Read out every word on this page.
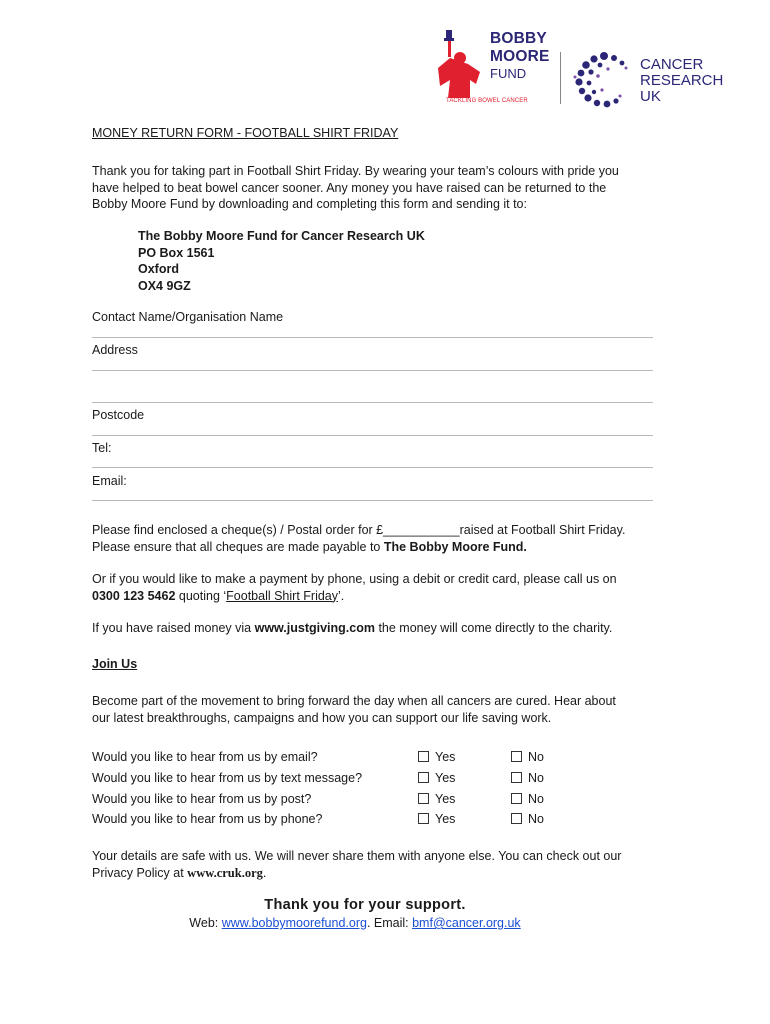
BOBBY
MOORE
FUND
TACKLING BOWEL CANCER
CANCER
RESEARCH
UK
MONEY RETURN FORM - FOOTBALL SHIRT FRIDAY
Thank you for taking part in Football Shirt Friday. By wearing your team’s colours with pride you
have helped to beat bowel cancer sooner. Any money you have raised can be returned to the
Bobby Moore Fund by downloading and completing this form and sending it to:
The Bobby Moore Fund for Cancer Research UK
PO Box 1561
Oxford
OX4 9GZ
Contact Name/Organisation Name
Address
Postcode
Tel:
Email:
Please find enclosed a cheque(s) / Postal order for £___________raised at Football Shirt Friday.
Please ensure that all cheques are made payable to The Bobby Moore Fund.
Or if you would like to make a payment by phone, using a debit or credit card, please call us on
0300 123 5462 quoting ‘Football Shirt Friday’.
If you have raised money via www.justgiving.com the money will come directly to the charity.
Join Us
Become part of the movement to bring forward the day when all cancers are cured. Hear about
our latest breakthroughs, campaigns and how you can support our life saving work.
Would you like to hear from us by email?	Yes	No
Would you like to hear from us by text message?	Yes	No
Would you like to hear from us by post?	Yes	No
Would you like to hear from us by phone?	Yes	No
Your details are safe with us. We will never share them with anyone else. You can check out our
Privacy Policy at www.cruk.org.
Thank you for your support.
Web: www.bobbymoorefund.org. Email: bmf@cancer.org.uk
